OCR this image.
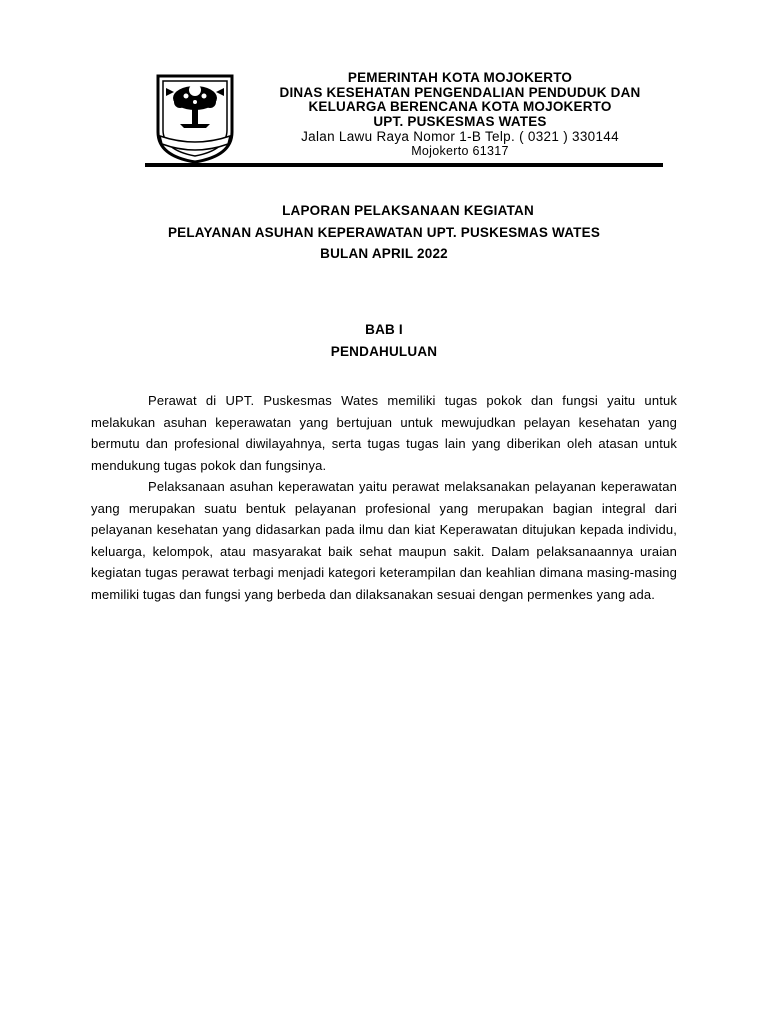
PEMERINTAH KOTA MOJOKERTO
DINAS KESEHATAN PENGENDALIAN PENDUDUK DAN
KELUARGA BERENCANA KOTA MOJOKERTO
UPT. PUSKESMAS WATES
Jalan Lawu Raya Nomor 1-B Telp. ( 0321 ) 330144
Mojokerto 61317
LAPORAN PELAKSANAAN KEGIATAN
PELAYANAN ASUHAN KEPERAWATAN UPT. PUSKESMAS WATES
BULAN APRIL 2022
BAB I
PENDAHULUAN

Perawat di UPT. Puskesmas Wates memiliki tugas pokok dan fungsi yaitu untuk melakukan asuhan keperawatan yang bertujuan untuk mewujudkan pelayan kesehatan yang bermutu dan profesional diwilayahnya, serta tugas tugas lain yang diberikan oleh atasan untuk mendukung tugas pokok dan fungsinya.

Pelaksanaan asuhan keperawatan yaitu perawat melaksanakan pelayanan keperawatan yang merupakan suatu bentuk pelayanan profesional yang merupakan bagian integral dari pelayanan kesehatan yang didasarkan pada ilmu dan kiat Keperawatan ditujukan kepada individu, keluarga, kelompok, atau masyarakat baik sehat maupun sakit. Dalam pelaksanaannya uraian kegiatan tugas perawat terbagi menjadi kategori keterampilan dan keahlian dimana masing-masing memiliki tugas dan fungsi yang berbeda dan dilaksanakan sesuai dengan permenkes yang ada.
